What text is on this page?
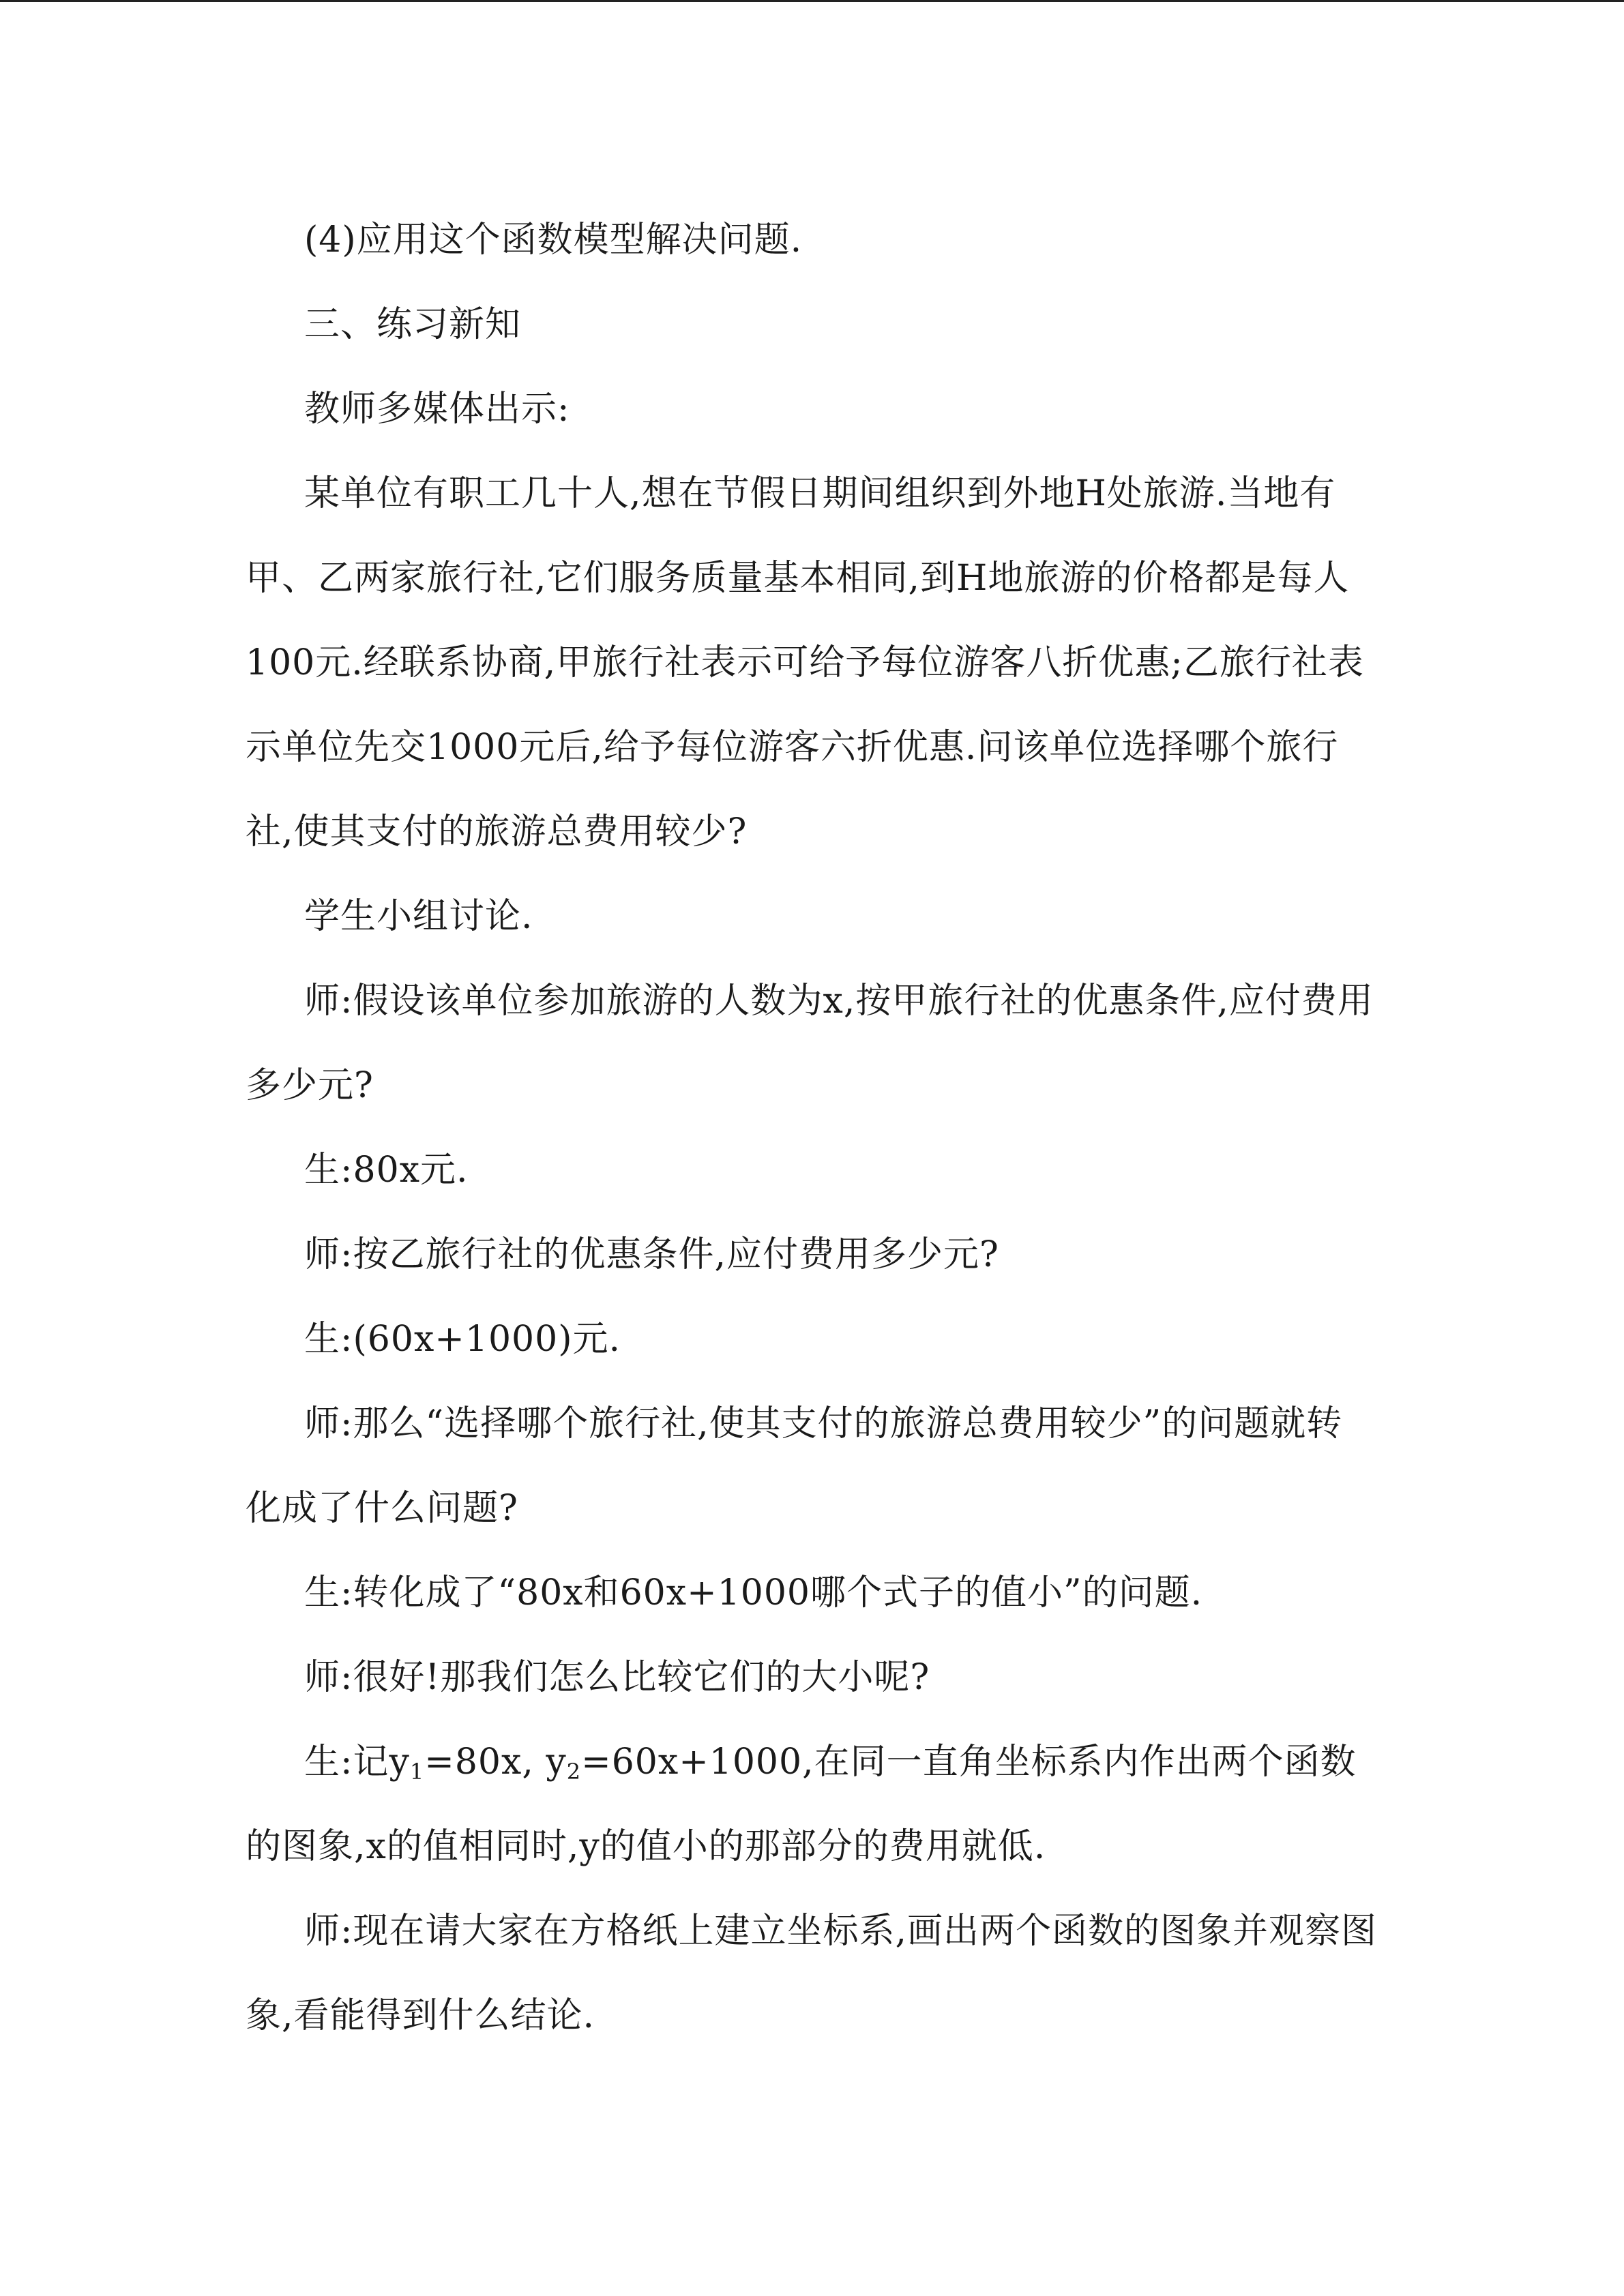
(4)应用这个函数模型解决问题.

三、练习新知

教师多媒体出示:

某单位有职工几十人,想在节假日期间组织到外地H处旅游.当地有甲、乙两家旅行社,它们服务质量基本相同,到H地旅游的价格都是每人100元.经联系协商,甲旅行社表示可给予每位游客八折优惠;乙旅行社表示单位先交1000元后,给予每位游客六折优惠.问该单位选择哪个旅行社,使其支付的旅游总费用较少?

学生小组讨论.

师:假设该单位参加旅游的人数为x,按甲旅行社的优惠条件,应付费用多少元?

生:80x元.

师:按乙旅行社的优惠条件,应付费用多少元?

生:(60x+1000)元.

师:那么“选择哪个旅行社,使其支付的旅游总费用较少”的问题就转化成了什么问题?

生:转化成了“80x和60x+1000哪个式子的值小”的问题.

师:很好!那我们怎么比较它们的大小呢?

生:记$y_1=80x$, $y_2=60x+1000$,在同一直角坐标系内作出两个函数的图象,x的值相同时,y的值小的那部分的费用就低.

师:现在请大家在方格纸上建立坐标系,画出两个函数的图象并观察图象,看能得到什么结论.
